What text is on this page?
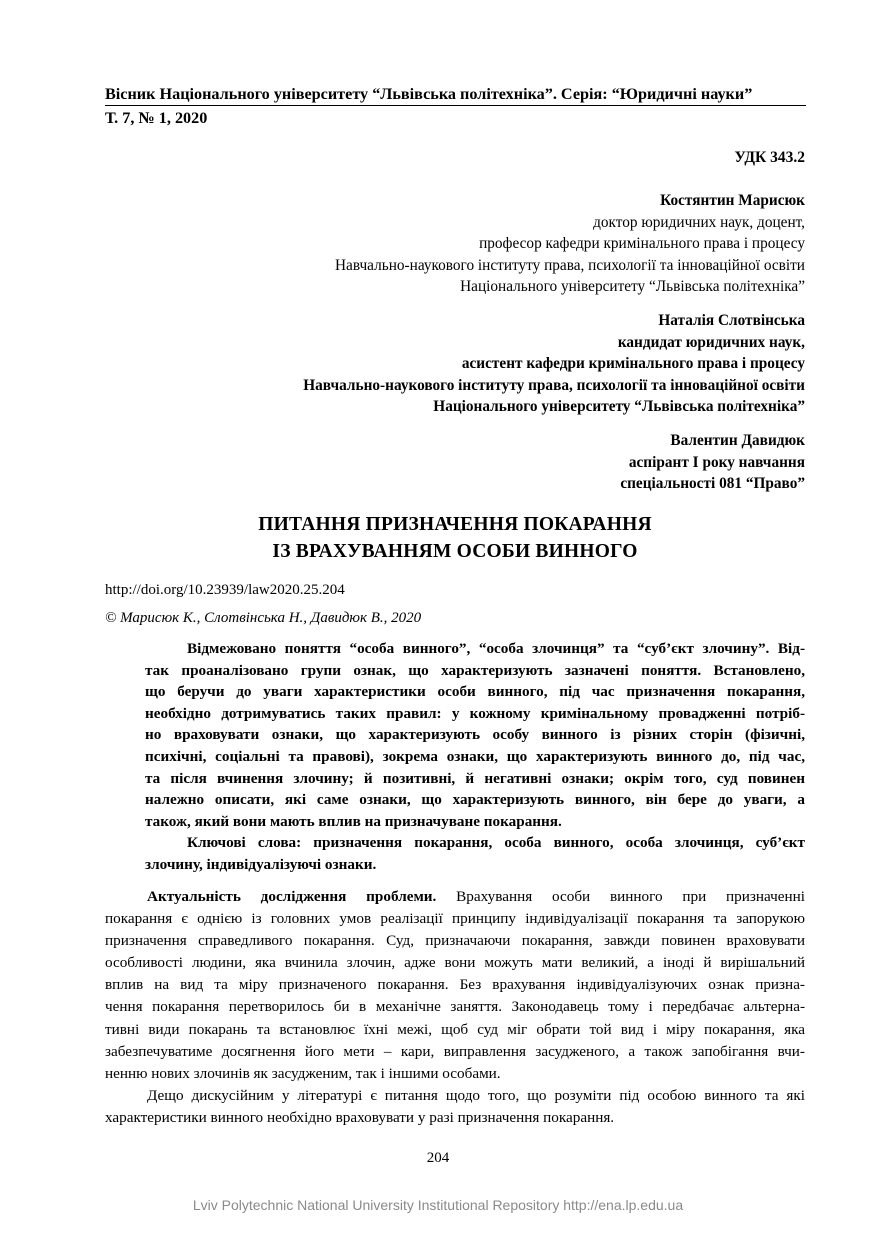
Вісник Національного університету “Львівська політехніка”. Серія: “Юридичні науки”
Т. 7, № 1, 2020
УДК 343.2
Костянтин Марисюк
доктор юридичних наук, доцент,
професор кафедри кримінального права і процесу
Навчально-наукового інституту права, психології та інноваційної освіти
Національного університету “Львівська політехніка”
Наталія Слотвінська
кандидат юридичних наук,
асистент кафедри кримінального права і процесу
Навчально-наукового інституту права, психології та інноваційної освіти
Національного університету “Львівська політехніка”
Валентин Давидюк
аспірант І року навчання
спеціальності 081 “Право”
ПИТАННЯ ПРИЗНАЧЕННЯ ПОКАРАННЯ
ІЗ ВРАХУВАННЯМ ОСОБИ ВИННОГО
http://doi.org/10.23939/law2020.25.204
© Марисюк К., Слотвінська Н., Давидюк В., 2020
Відмежовано поняття “особа винного”, “особа злочинця” та “суб’єкт злочину”. Від-
так проаналізовано групи ознак, що характеризують зазначені поняття. Встановлено,
що беручи до уваги характеристики особи винного, під час призначення покарання,
необхідно дотримуватись таких правил: у кожному кримінальному провадженні потріб-
но враховувати ознаки, що характеризують особу винного із різних сторін (фізичні,
психічні, соціальні та правові), зокрема ознаки, що характеризують винного до, під час,
та після вчинення злочину; й позитивні, й негативні ознаки; окрім того, суд повинен
належно описати, які саме ознаки, що характеризують винного, він бере до уваги, а
також, який вони мають вплив на призначуване покарання.
Ключові слова: призначення покарання, особа винного, особа злочинця, суб’єкт
злочину, індивідуалізуючі ознаки.
Актуальність дослідження проблеми. Врахування особи винного при призначенні
покарання є однією із головних умов реалізації принципу індивідуалізації покарання та запорукою
призначення справедливого покарання. Суд, призначаючи покарання, завжди повинен враховувати
особливості людини, яка вчинила злочин, адже вони можуть мати великий, а іноді й вирішальний
вплив на вид та міру призначеного покарання. Без врахування індивідуалізуючих ознак призна-
чення покарання перетворилось би в механічне заняття. Законодавець тому і передбачає альтерна-
тивні види покарань та встановлює їхні межі, щоб суд міг обрати той вид і міру покарання, яка
забезпечуватиме досягнення його мети – кари, виправлення засудженого, а також запобігання вчи-
ненню нових злочинів як засудженим, так і іншими особами.
Дещо дискусійним у літературі є питання щодо того, що розуміти під особою винного та які
характеристики винного необхідно враховувати у разі призначення покарання.
204
Lviv Polytechnic National University Institutional Repository http://ena.lp.edu.ua
